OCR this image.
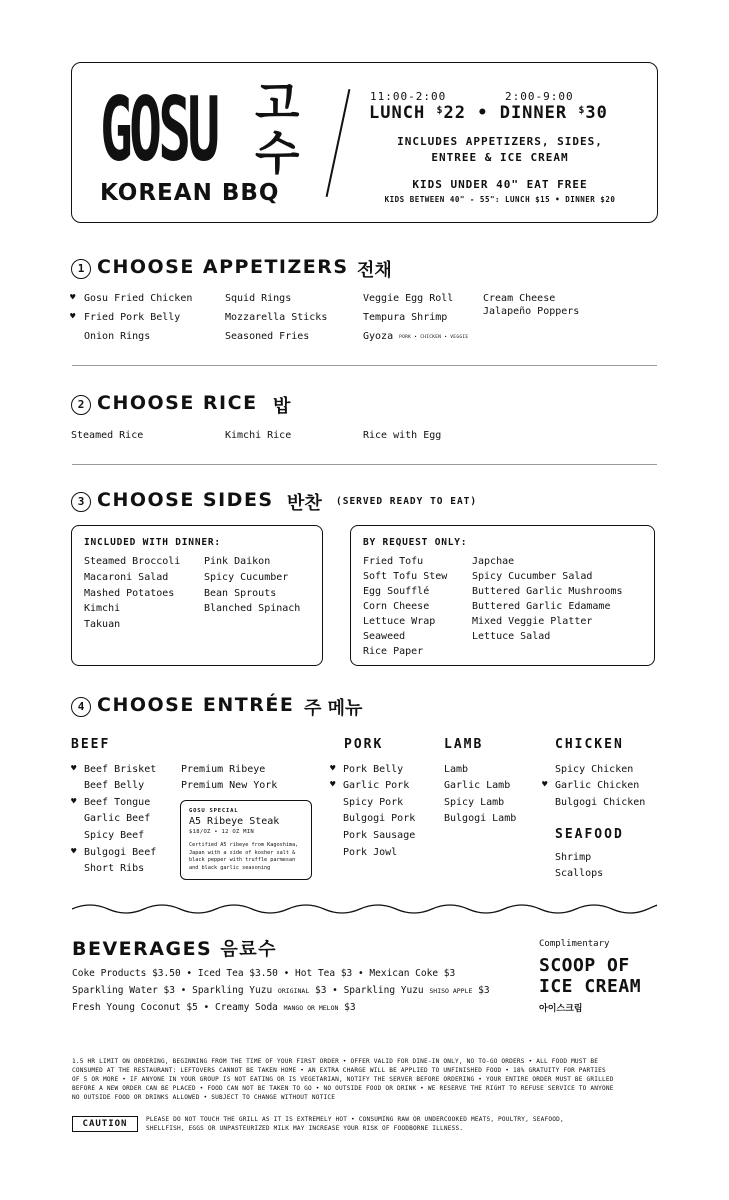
GOSU 고
수
KOREAN BBQ
11:00-2:00	2:00-9:00
LUNCH $22 • DINNER $30
INCLUDES APPETIZERS, SIDES,
ENTREE & ICE CREAM
KIDS UNDER 40" EAT FREE
KIDS BETWEEN 40" - 55": LUNCH $15 • DINNER $20
1 CHOOSE APPETIZERS 전채
♥
♥
Gosu Fried Chicken
Fried Pork Belly
Onion Rings
Squid Rings
Mozzarella Sticks
Seasoned Fries
Veggie Egg Roll
Tempura Shrimp
Gyoza PORK • CHICKEN • VEGGIE
Cream Cheese
Jalapeño Poppers
2 CHOOSE RICE 밥
Steamed Rice	Kimchi Rice	Rice with Egg
3 CHOOSE SIDES 반찬 (SERVED READY TO EAT)
INCLUDED WITH DINNER:
Steamed Broccoli
Macaroni Salad
Mashed Potatoes
Kimchi
Takuan
Pink Daikon
Spicy Cucumber
Bean Sprouts
Blanched Spinach
BY REQUEST ONLY:
Fried Tofu
Soft Tofu Stew
Egg Soufflé
Corn Cheese
Lettuce Wrap
Seaweed
Rice Paper
Japchae
Spicy Cucumber Salad
Buttered Garlic Mushrooms
Buttered Garlic Edamame
Mixed Veggie Platter
Lettuce Salad
4 CHOOSE ENTRÉE 주 메뉴
BEEF
♥
♥
♥
Beef Brisket
Beef Belly
Beef Tongue
Garlic Beef
Spicy Beef
Bulgogi Beef
Short Ribs
Premium Ribeye
Premium New York
GOSU SPECIAL
A5 Ribeye Steak
$18/OZ • 12 OZ MIN
Certified A5 ribeye from Kagoshima,
Japan with a side of kosher salt &
black pepper with truffle parmesan
and black garlic seasoning
PORK
♥
♥
Pork Belly
Garlic Pork
Spicy Pork
Bulgogi Pork
Pork Sausage
Pork Jowl
LAMB
Lamb
Garlic Lamb
Spicy Lamb
Bulgogi Lamb
CHICKEN
♥
Spicy Chicken
Garlic Chicken
Bulgogi Chicken
SEAFOOD
Shrimp
Scallops
BEVERAGES 음료수
Coke Products $3.50 • Iced Tea $3.50 • Hot Tea $3 • Mexican Coke $3
Sparkling Water $3 • Sparkling Yuzu ORIGINAL $3 • Sparkling Yuzu SHISO APPLE $3
Fresh Young Coconut $5 • Creamy Soda MANGO OR MELON $3
Complimentary
SCOOP OF
ICE CREAM
아이스크림
1.5 HR LIMIT ON ORDERING, BEGINNING FROM THE TIME OF YOUR FIRST ORDER • OFFER VALID FOR DINE-IN ONLY, NO TO-GO ORDERS • ALL FOOD MUST BE
CONSUMED AT THE RESTAURANT: LEFTOVERS CANNOT BE TAKEN HOME • AN EXTRA CHARGE WILL BE APPLIED TO UNFINISHED FOOD • 18% GRATUITY FOR PARTIES
OF 5 OR MORE • IF ANYONE IN YOUR GROUP IS NOT EATING OR IS VEGETARIAN, NOTIFY THE SERVER BEFORE ORDERING • YOUR ENTIRE ORDER MUST BE GRILLED
BEFORE A NEW ORDER CAN BE PLACED • FOOD CAN NOT BE TAKEN TO GO • NO OUTSIDE FOOD OR DRINK • WE RESERVE THE RIGHT TO REFUSE SERVICE TO ANYONE
NO OUTSIDE FOOD OR DRINKS ALLOWED • SUBJECT TO CHANGE WITHOUT NOTICE
CAUTION	PLEASE DO NOT TOUCH THE GRILL AS IT IS EXTREMELY HOT • CONSUMING RAW OR UNDERCOOKED MEATS, POULTRY, SEAFOOD,
SHELLFISH, EGGS OR UNPASTEURIZED MILK MAY INCREASE YOUR RISK OF FOODBORNE ILLNESS.
